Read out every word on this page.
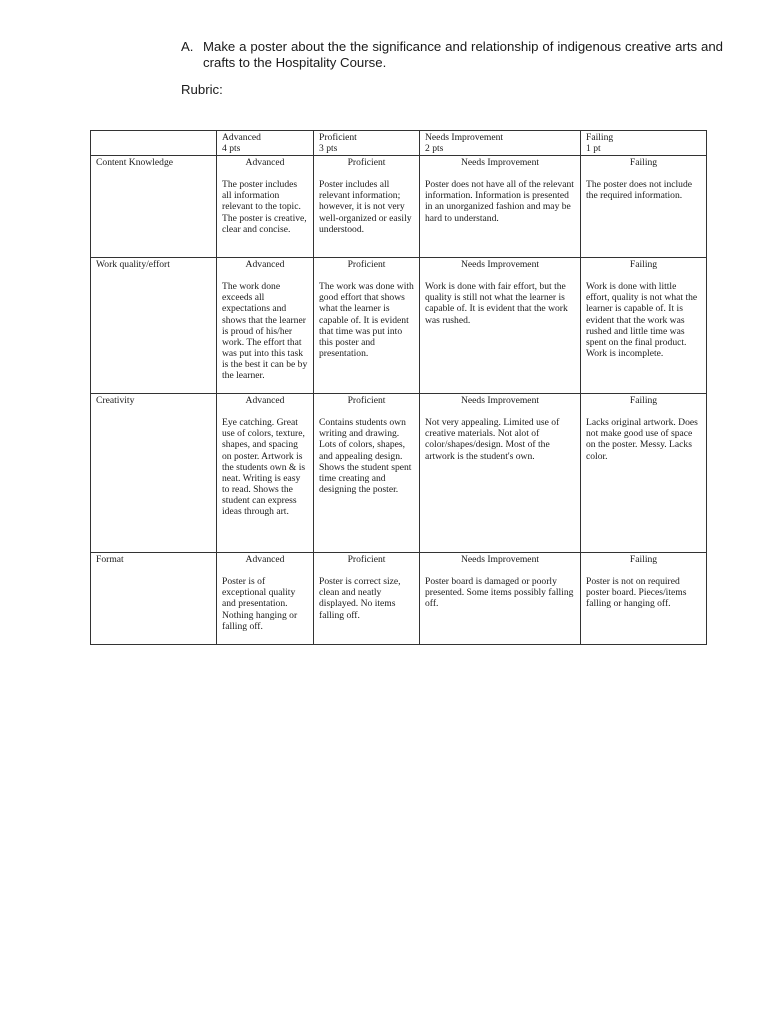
A. Make a poster about the the significance and relationship of indigenous creative arts and crafts to the Hospitality Course.
Rubric:

	Advanced
4 pts	Proficient
3 pts	Needs Improvement
2 pts	Failing
1 pt

Content Knowledge	Advanced
The poster includes all information relevant to the topic. The poster is creative, clear and concise.	Proficient
Poster includes all relevant information; however, it is not very well-organized or easily understood.	Needs Improvement
Poster does not have all of the relevant information. Information is presented in an unorganized fashion and may be hard to understand.	Failing
The poster does not include the required information.

Work quality/effort	Advanced
The work done exceeds all expectations and shows that the learner is proud of his/her work. The effort that was put into this task is the best it can be by the learner.	Proficient
The work was done with good effort that shows what the learner is capable of. It is evident that time was put into this poster and presentation.	Needs Improvement
Work is done with fair effort, but the quality is still not what the learner is capable of. It is evident that the work was rushed.	Failing
Work is done with little effort, quality is not what the learner is capable of. It is evident that the work was rushed and little time was spent on the final product. Work is incomplete.

Creativity	Advanced
Eye catching. Great use of colors, texture, shapes, and spacing on poster. Artwork is the students own & is neat. Writing is easy to read. Shows the student can express ideas through art.	Proficient
Contains students own writing and drawing. Lots of colors, shapes, and appealing design. Shows the student spent time creating and designing the poster.	Needs Improvement
Not very appealing. Limited use of creative materials. Not alot of color/shapes/design. Most of the artwork is the student's own.	Failing
Lacks original artwork. Does not make good use of space on the poster. Messy. Lacks color.

Format	Advanced
Poster is of exceptional quality and presentation. Nothing hanging or falling off.	Proficient
Poster is correct size, clean and neatly displayed. No items falling off.	Needs Improvement
Poster board is damaged or poorly presented. Some items possibly falling off.	Failing
Poster is not on required poster board. Pieces/items falling or hanging off.
